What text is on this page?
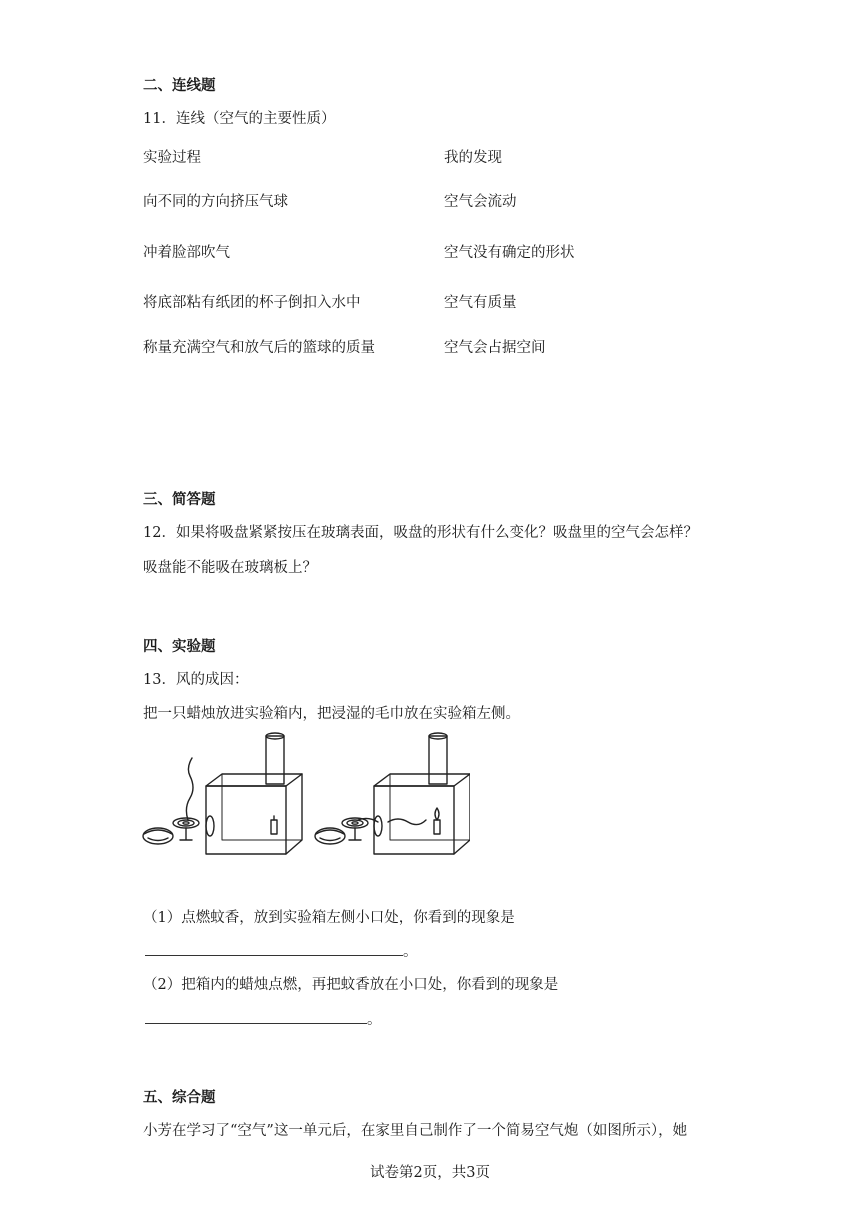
二、连线题
11．连线（空气的主要性质）
实验过程	我的发现
向不同的方向挤压气球	空气会流动
冲着脸部吹气	空气没有确定的形状
将底部粘有纸团的杯子倒扣入水中	空气有质量
称量充满空气和放气后的篮球的质量	空气会占据空间
三、简答题
12．如果将吸盘紧紧按压在玻璃表面，吸盘的形状有什么变化？吸盘里的空气会怎样？
吸盘能不能吸在玻璃板上？
四、实验题
13．风的成因：
把一只蜡烛放进实验箱内，把浸湿的毛巾放在实验箱左侧。
（1）点燃蚊香，放到实验箱左侧小口处，你看到的现象是
。
（2）把箱内的蜡烛点燃，再把蚊香放在小口处，你看到的现象是
。
五、综合题
小芳在学习了“空气”这一单元后，在家里自己制作了一个简易空气炮（如图所示），她
试卷第2页，共3页
